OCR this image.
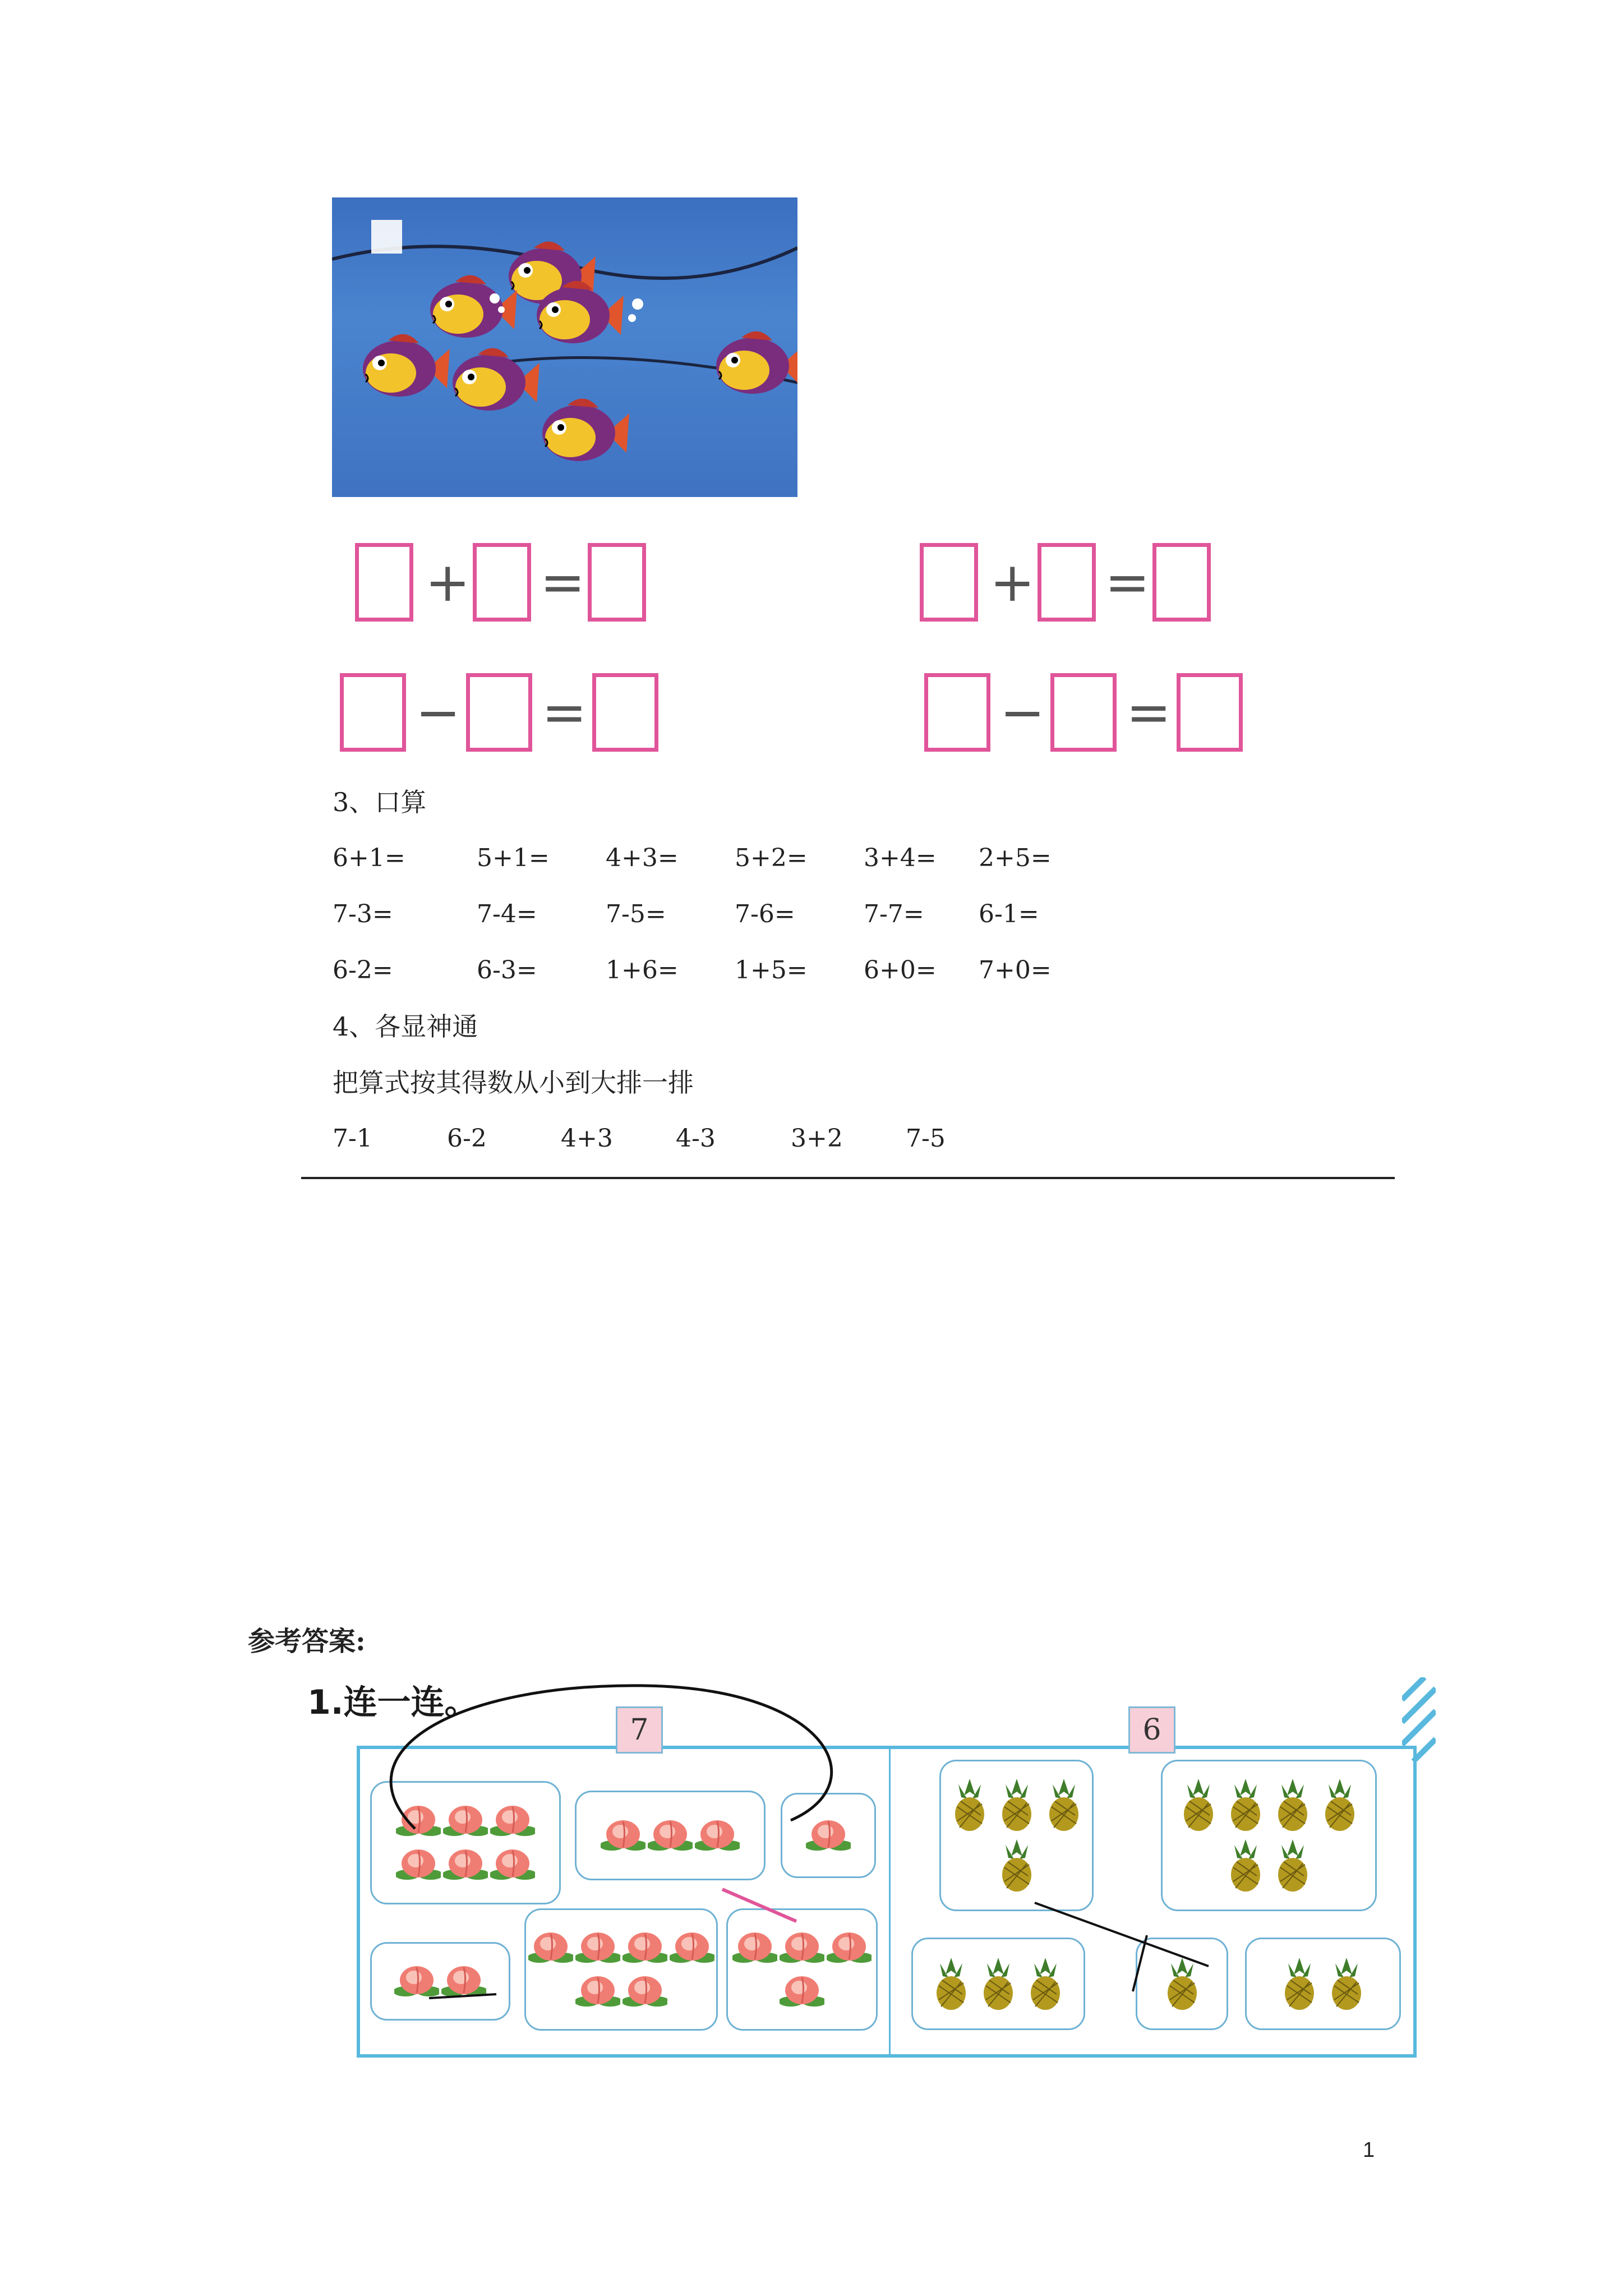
+ =	+ =
− =	− =
3、口算
6+1=	5+1= 4+3= 5+2= 3+4= 2+5=
7-3=	7-4=	7-5=	7-6=	7-7= 6-1=
6-2=	6-3=	1+6= 1+5= 6+0= 7+0=
4、各显神通
把算式按其得数从小到大排一排
7-1	6-2	4+3	4-3	3+2	7-5
参考答案:
1.连一连。
7	6
1
